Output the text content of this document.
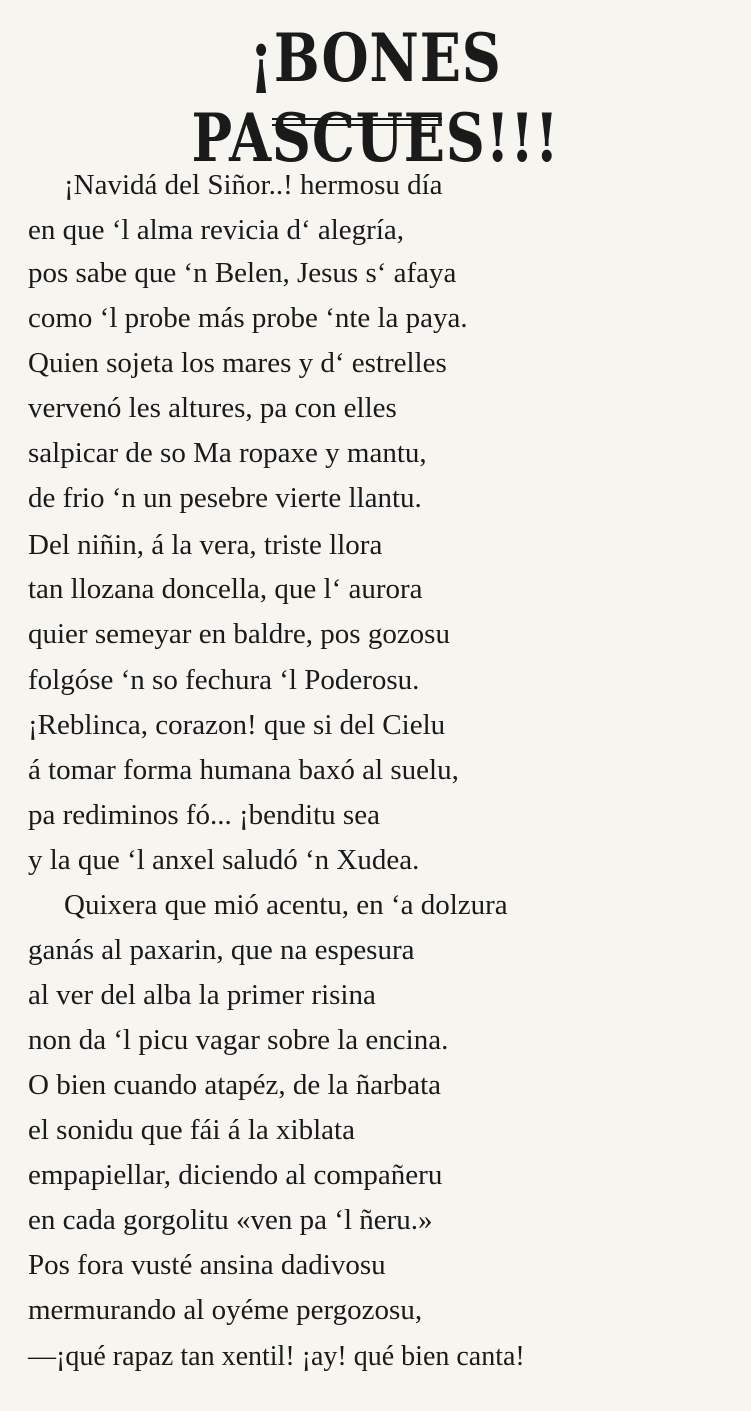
¡BONES PASCUES!!!
¡Navidá del Siñor..! hermosu día
en que ‘l alma revicia d‘ alegría,
pos sabe que ‘n Belen, Jesus s‘ afaya
como ‘l probe más probe ‘nte la paya.
Quien sojeta los mares y d‘ estrelles
vervenó les altures, pa con elles
salpicar de so Ma ropaxe y mantu,
de frio ‘n un pesebre vierte llantu.
Del niñin, á la vera, triste llora
tan llozana doncella, que l‘ aurora
quier semeyar en baldre, pos gozosu
folgóse ‘n so fechura ‘l Poderosu.
¡Reblinca, corazon! que si del Cielu
á tomar forma humana baxó al suelu,
pa rediminos fó... ¡benditu sea
y la que ‘l anxel saludó ‘n Xudea.
Quixera que mió acentu, en ‘a dolzura
ganás al paxarin, que na espesura
al ver del alba la primer risina
non da ‘l picu vagar sobre la encina.
O bien cuando atapéz, de la ñarbata
el sonidu que fái á la xiblata
empapiellar, diciendo al compañeru
en cada gorgolitu «ven pa ‘l ñeru.»
Pos fora vusté ansina dadivosu
mermurando al oyéme pergozosu,
—¡qué rapaz tan xentil! ¡ay! qué bien canta!
